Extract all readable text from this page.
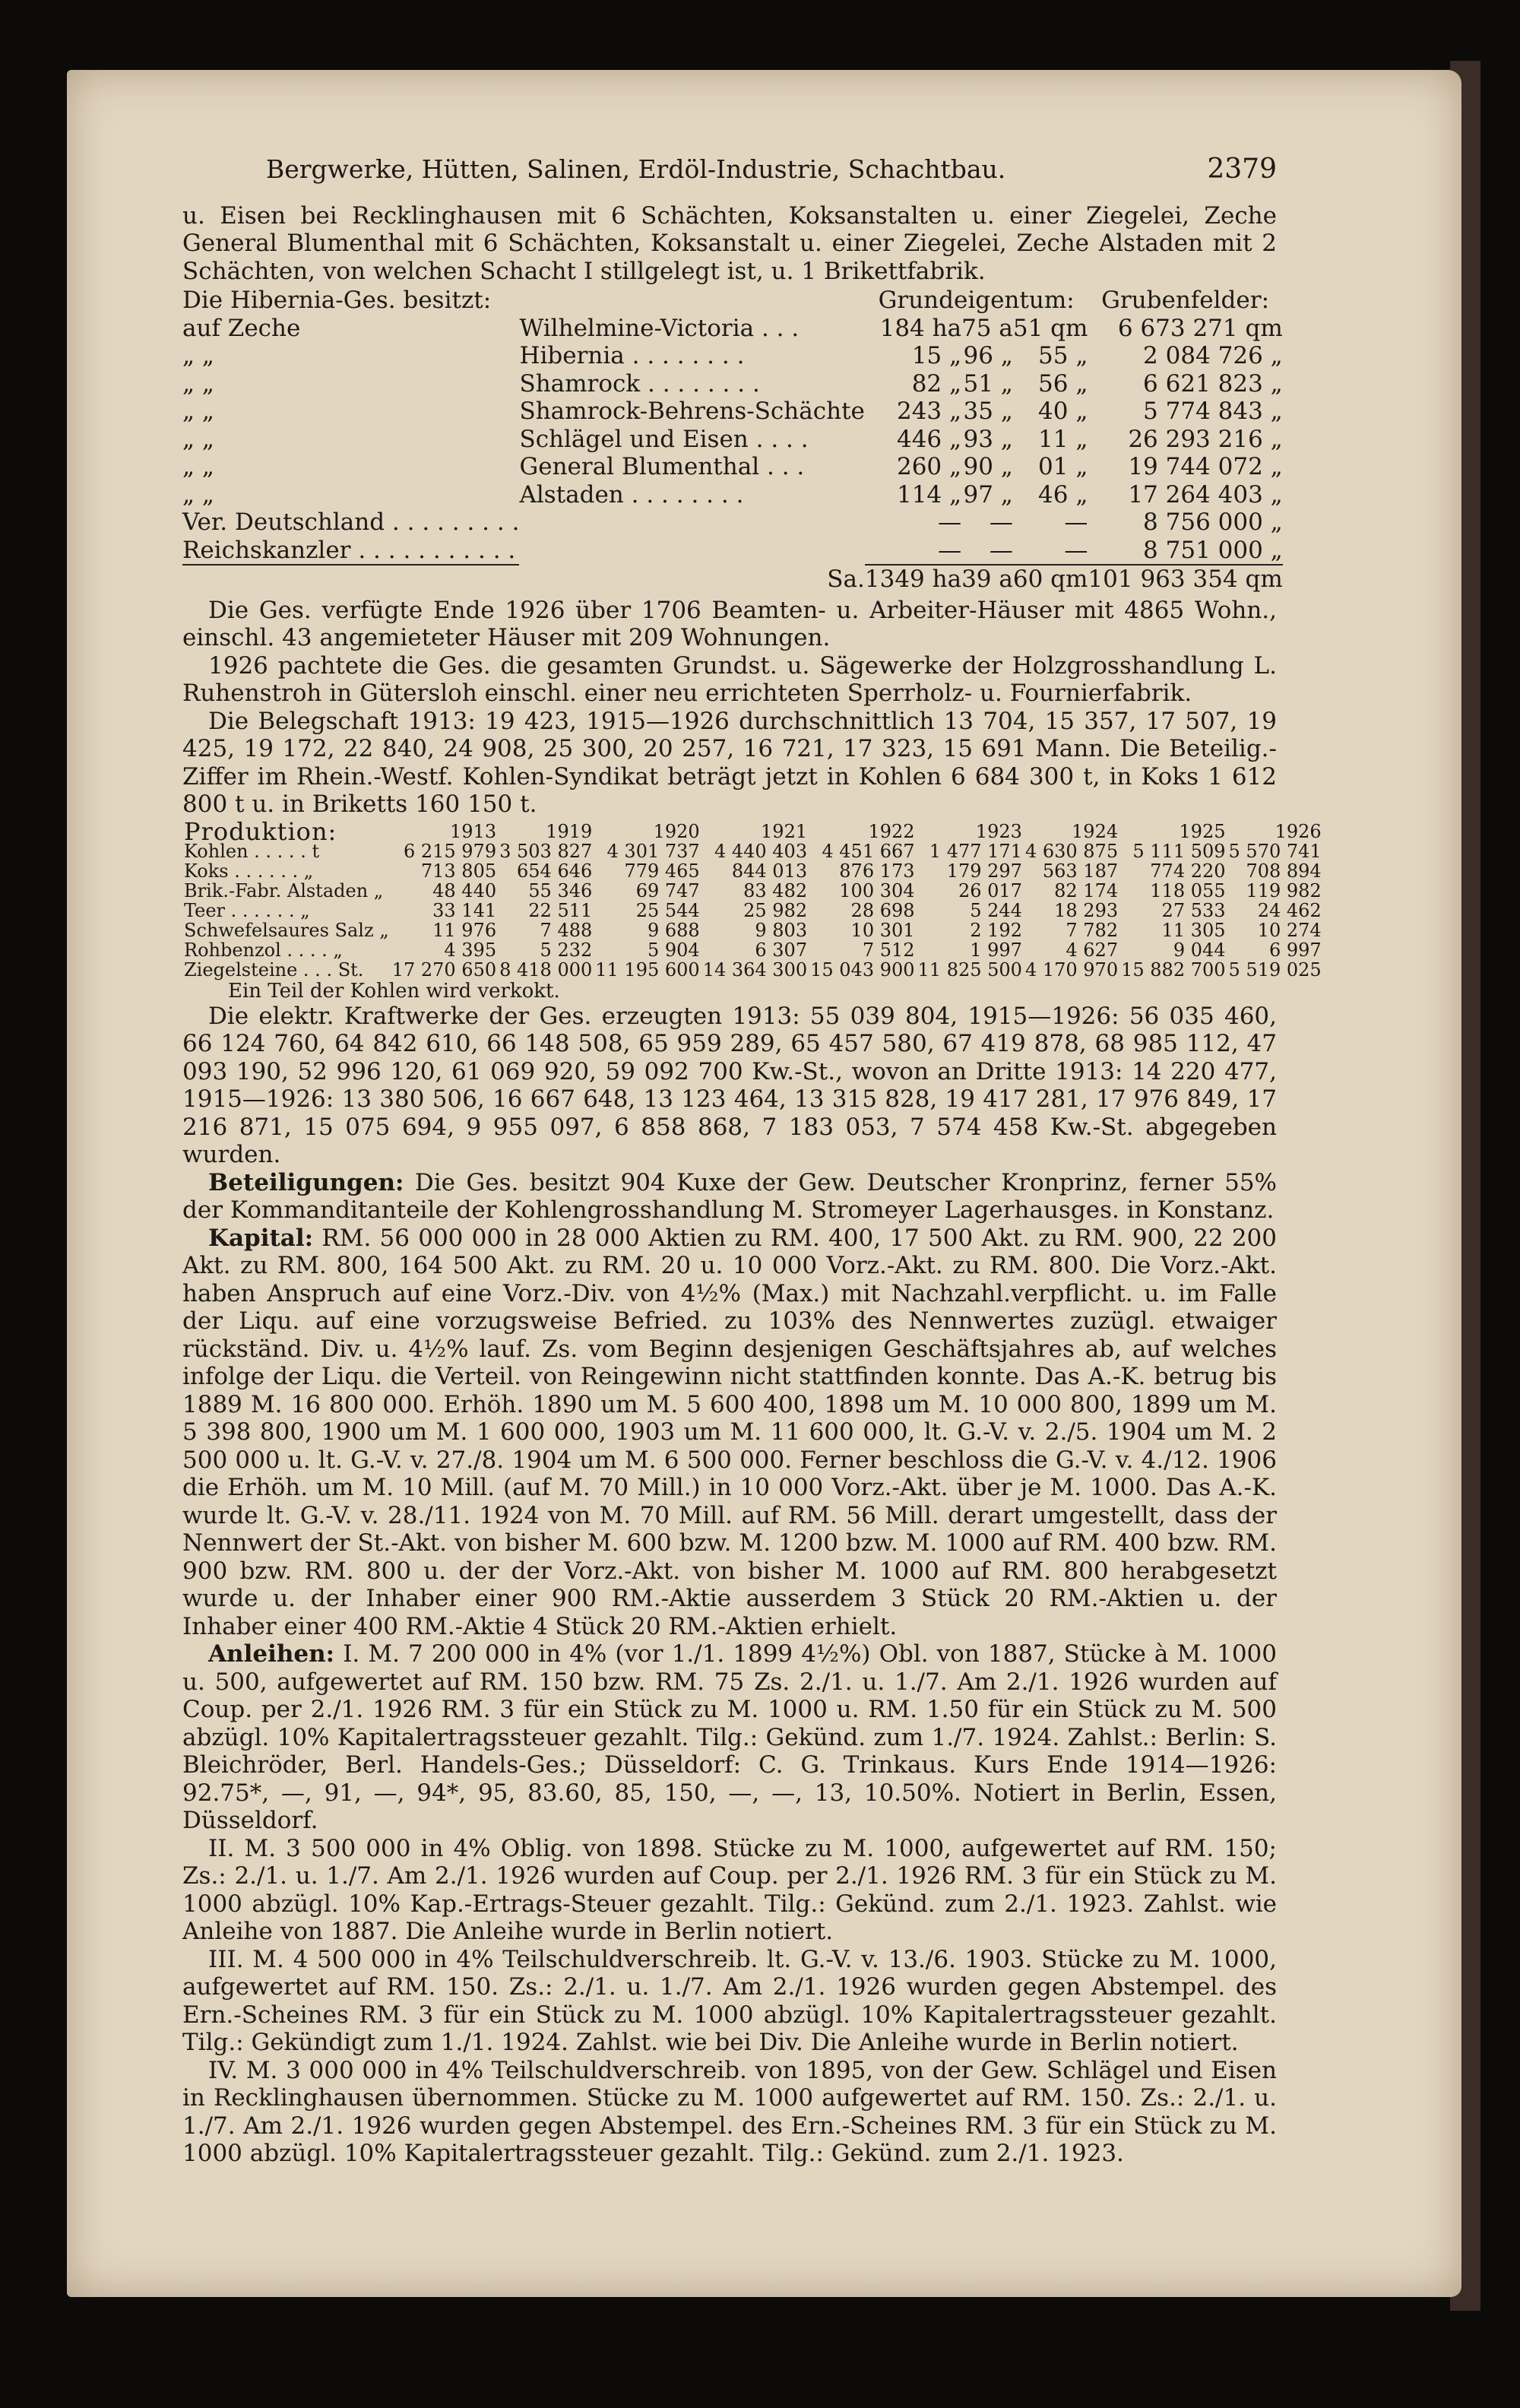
Bergwerke, Hütten, Salinen, Erdöl-Industrie, Schachtbau.	2379

u. Eisen bei Recklinghausen mit 6 Schächten, Koksanstalten u. einer Ziegelei, Zeche General Blumenthal mit 6 Schächten, Koksanstalt u. einer Ziegelei, Zeche Alstaden mit 2 Schächten, von welchen Schacht I stillgelegt ist, u. 1 Brikettfabrik.

Die Hibernia-Ges. besitzt:		Grundeigentum:			Grubenfelder:
auf Zeche	Wilhelmine-Victoria . . .	184 ha	75 a	51 qm	6 673 271 qm
„ „	Hibernia . . . . . . . .	15 „	96 „	55 „	2 084 726 „
„ „	Shamrock . . . . . . . .	82 „	51 „	56 „	6 621 823 „
„ „	Shamrock-Behrens-Schächte	243 „	35 „	40 „	5 774 843 „
„ „	Schlägel und Eisen . . . .	446 „	93 „	11 „	26 293 216 „
„ „	General Blumenthal . . .	260 „	90 „	01 „	19 744 072 „
„ „	Alstaden . . . . . . . .	114 „	97 „	46 „	17 264 403 „
Ver. Deutschland . . . . . . . . .		—	—	—	8 756 000 „
Reichskanzler . . . . . . . . . . .		—	—	—	8 751 000 „
	Sa.	1349 ha	39 a	60 qm	101 963 354 qm

Die Ges. verfügte Ende 1926 über 1706 Beamten- u. Arbeiter-Häuser mit 4865 Wohn., einschl. 43 angemieteter Häuser mit 209 Wohnungen.

1926 pachtete die Ges. die gesamten Grundst. u. Sägewerke der Holzgrosshandlung L. Ruhenstroh in Gütersloh einschl. einer neu errichteten Sperrholz- u. Fournierfabrik.

Die Belegschaft 1913: 19 423, 1915—1926 durchschnittlich 13 704, 15 357, 17 507, 19 425, 19 172, 22 840, 24 908, 25 300, 20 257, 16 721, 17 323, 15 691 Mann. Die Beteilig.-Ziffer im Rhein.-Westf. Kohlen-Syndikat beträgt jetzt in Kohlen 6 684 300 t, in Koks 1 612 800 t u. in Briketts 160 150 t.

Produktion:	1913	1919	1920	1921	1922	1923	1924	1925	1926
Kohlen . . . . . t	6 215 979	3 503 827	4 301 737	4 440 403	4 451 667	1 477 171	4 630 875	5 111 509	5 570 741
Koks . . . . . . „	713 805	654 646	779 465	844 013	876 173	179 297	563 187	774 220	708 894
Brik.-Fabr. Alstaden „	48 440	55 346	69 747	83 482	100 304	26 017	82 174	118 055	119 982
Teer . . . . . . „	33 141	22 511	25 544	25 982	28 698	5 244	18 293	27 533	24 462
Schwefelsaures Salz „	11 976	7 488	9 688	9 803	10 301	2 192	7 782	11 305	10 274
Rohbenzol . . . . „	4 395	5 232	5 904	6 307	7 512	1 997	4 627	9 044	6 997
Ziegelsteine . . . St.	17 270 650	8 418 000	11 195 600	14 364 300	15 043 900	11 825 500	4 170 970	15 882 700	5 519 025
Ein Teil der Kohlen wird verkokt.

Die elektr. Kraftwerke der Ges. erzeugten 1913: 55 039 804, 1915—1926: 56 035 460, 66 124 760, 64 842 610, 66 148 508, 65 959 289, 65 457 580, 67 419 878, 68 985 112, 47 093 190, 52 996 120, 61 069 920, 59 092 700 Kw.-St., wovon an Dritte 1913: 14 220 477, 1915—1926: 13 380 506, 16 667 648, 13 123 464, 13 315 828, 19 417 281, 17 976 849, 17 216 871, 15 075 694, 9 955 097, 6 858 868, 7 183 053, 7 574 458 Kw.-St. abgegeben wurden.

Beteiligungen: Die Ges. besitzt 904 Kuxe der Gew. Deutscher Kronprinz, ferner 55% der Kommanditanteile der Kohlengrosshandlung M. Stromeyer Lagerhausges. in Konstanz.

Kapital: RM. 56 000 000 in 28 000 Aktien zu RM. 400, 17 500 Akt. zu RM. 900, 22 200 Akt. zu RM. 800, 164 500 Akt. zu RM. 20 u. 10 000 Vorz.-Akt. zu RM. 800. Die Vorz.-Akt. haben Anspruch auf eine Vorz.-Div. von 4½% (Max.) mit Nachzahl.verpflicht. u. im Falle der Liqu. auf eine vorzugsweise Befried. zu 103% des Nennwertes zuzügl. etwaiger rückständ. Div. u. 4½% lauf. Zs. vom Beginn desjenigen Geschäftsjahres ab, auf welches infolge der Liqu. die Verteil. von Reingewinn nicht stattfinden konnte. Das A.-K. betrug bis 1889 M. 16 800 000. Erhöh. 1890 um M. 5 600 400, 1898 um M. 10 000 800, 1899 um M. 5 398 800, 1900 um M. 1 600 000, 1903 um M. 11 600 000, lt. G.-V. v. 2./5. 1904 um M. 2 500 000 u. lt. G.-V. v. 27./8. 1904 um M. 6 500 000. Ferner beschloss die G.-V. v. 4./12. 1906 die Erhöh. um M. 10 Mill. (auf M. 70 Mill.) in 10 000 Vorz.-Akt. über je M. 1000. Das A.-K. wurde lt. G.-V. v. 28./11. 1924 von M. 70 Mill. auf RM. 56 Mill. derart umgestellt, dass der Nennwert der St.-Akt. von bisher M. 600 bzw. M. 1200 bzw. M. 1000 auf RM. 400 bzw. RM. 900 bzw. RM. 800 u. der der Vorz.-Akt. von bisher M. 1000 auf RM. 800 herabgesetzt wurde u. der Inhaber einer 900 RM.-Aktie ausserdem 3 Stück 20 RM.-Aktien u. der Inhaber einer 400 RM.-Aktie 4 Stück 20 RM.-Aktien erhielt.

Anleihen: I. M. 7 200 000 in 4% (vor 1./1. 1899 4½%) Obl. von 1887, Stücke à M. 1000 u. 500, aufgewertet auf RM. 150 bzw. RM. 75 Zs. 2./1. u. 1./7. Am 2./1. 1926 wurden auf Coup. per 2./1. 1926 RM. 3 für ein Stück zu M. 1000 u. RM. 1.50 für ein Stück zu M. 500 abzügl. 10% Kapitalertragssteuer gezahlt. Tilg.: Gekünd. zum 1./7. 1924. Zahlst.: Berlin: S. Bleichröder, Berl. Handels-Ges.; Düsseldorf: C. G. Trinkaus. Kurs Ende 1914—1926: 92.75*, —, 91, —, 94*, 95, 83.60, 85, 150, —, —, 13, 10.50%. Notiert in Berlin, Essen, Düsseldorf.

II. M. 3 500 000 in 4% Oblig. von 1898. Stücke zu M. 1000, aufgewertet auf RM. 150; Zs.: 2./1. u. 1./7. Am 2./1. 1926 wurden auf Coup. per 2./1. 1926 RM. 3 für ein Stück zu M. 1000 abzügl. 10% Kap.-Ertrags-Steuer gezahlt. Tilg.: Gekünd. zum 2./1. 1923. Zahlst. wie Anleihe von 1887. Die Anleihe wurde in Berlin notiert.

III. M. 4 500 000 in 4% Teilschuldverschreib. lt. G.-V. v. 13./6. 1903. Stücke zu M. 1000, aufgewertet auf RM. 150. Zs.: 2./1. u. 1./7. Am 2./1. 1926 wurden gegen Abstempel. des Ern.-Scheines RM. 3 für ein Stück zu M. 1000 abzügl. 10% Kapitalertragssteuer gezahlt. Tilg.: Gekündigt zum 1./1. 1924. Zahlst. wie bei Div. Die Anleihe wurde in Berlin notiert.

IV. M. 3 000 000 in 4% Teilschuldverschreib. von 1895, von der Gew. Schlägel und Eisen in Recklinghausen übernommen. Stücke zu M. 1000 aufgewertet auf RM. 150. Zs.: 2./1. u. 1./7. Am 2./1. 1926 wurden gegen Abstempel. des Ern.-Scheines RM. 3 für ein Stück zu M. 1000 abzügl. 10% Kapitalertragssteuer gezahlt. Tilg.: Gekünd. zum 2./1. 1923.
